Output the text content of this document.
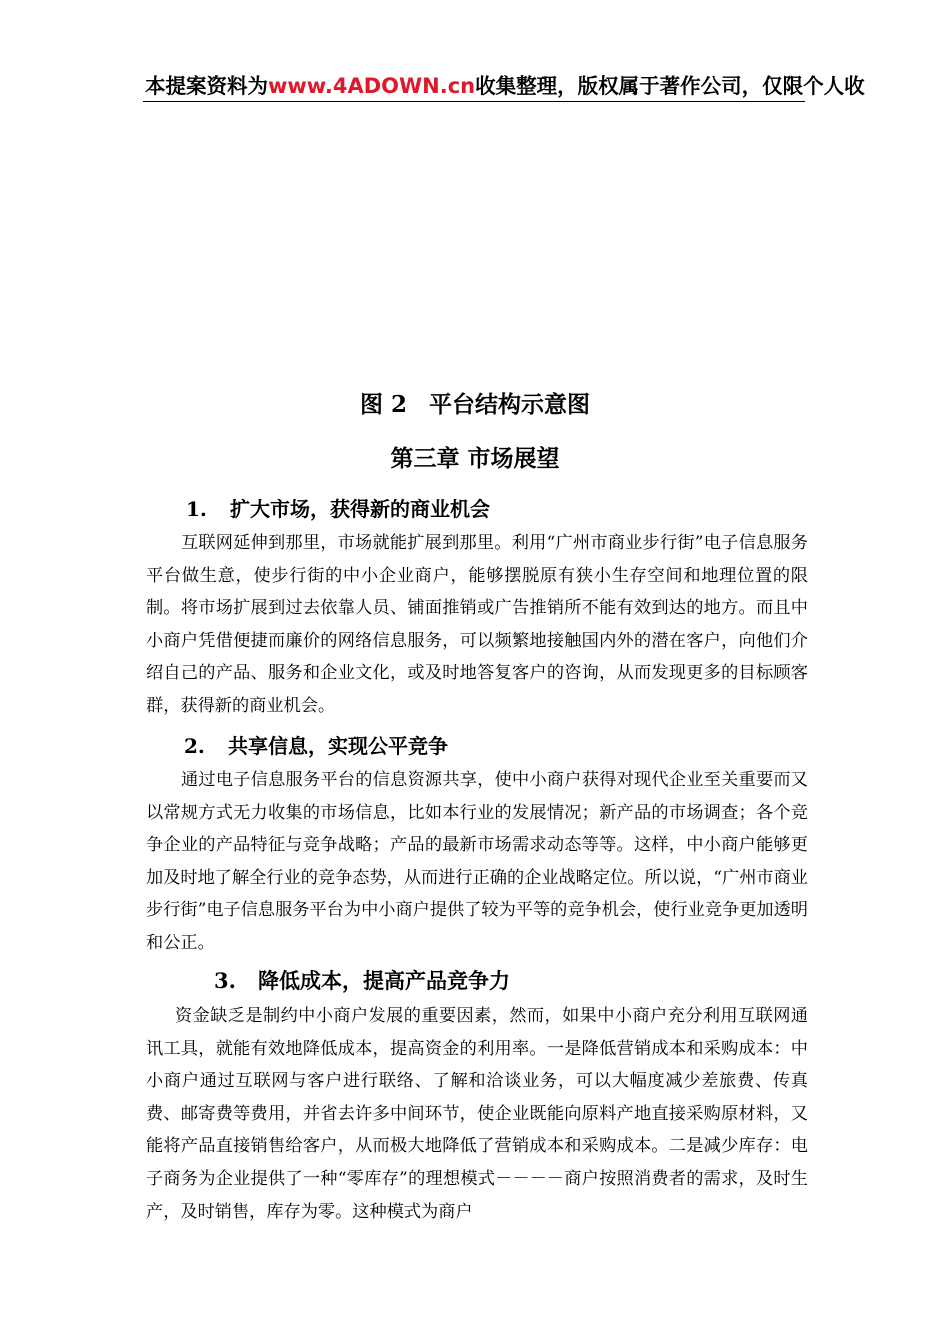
本提案资料为www.4ADOWN.cn收集整理，版权属于著作公司，仅限个人收
图 2 平台结构示意图
第三章 市场展望
1. 扩大市场，获得新的商业机会

互联网延伸到那里，市场就能扩展到那里。利用“广州市商业步行街”电子信息服务平台做生意，使步行街的中小企业商户，能够摆脱原有狭小生存空间和地理位置的限制。将市场扩展到过去依靠人员、铺面推销或广告推销所不能有效到达的地方。而且中小商户凭借便捷而廉价的网络信息服务，可以频繁地接触国内外的潜在客户，向他们介绍自己的产品、服务和企业文化，或及时地答复客户的咨询，从而发现更多的目标顾客群，获得新的商业机会。

2. 共享信息，实现公平竞争

通过电子信息服务平台的信息资源共享，使中小商户获得对现代企业至关重要而又以常规方式无力收集的市场信息，比如本行业的发展情况；新产品的市场调查；各个竞争企业的产品特征与竞争战略；产品的最新市场需求动态等等。这样，中小商户能够更加及时地了解全行业的竞争态势，从而进行正确的企业战略定位。所以说，“广州市商业步行街”电子信息服务平台为中小商户提供了较为平等的竞争机会，使行业竞争更加透明和公正。

3. 降低成本，提高产品竞争力

资金缺乏是制约中小商户发展的重要因素，然而，如果中小商户充分利用互联网通讯工具，就能有效地降低成本，提高资金的利用率。一是降低营销成本和采购成本：中小商户通过互联网与客户进行联络、了解和洽谈业务，可以大幅度减少差旅费、传真费、邮寄费等费用，并省去许多中间环节，使企业既能向原料产地直接采购原材料，又能将产品直接销售给客户，从而极大地降低了营销成本和采购成本。二是减少库存：电子商务为企业提供了一种“零库存”的理想模式－－－－商户按照消费者的需求，及时生产，及时销售，库存为零。这种模式为商户
